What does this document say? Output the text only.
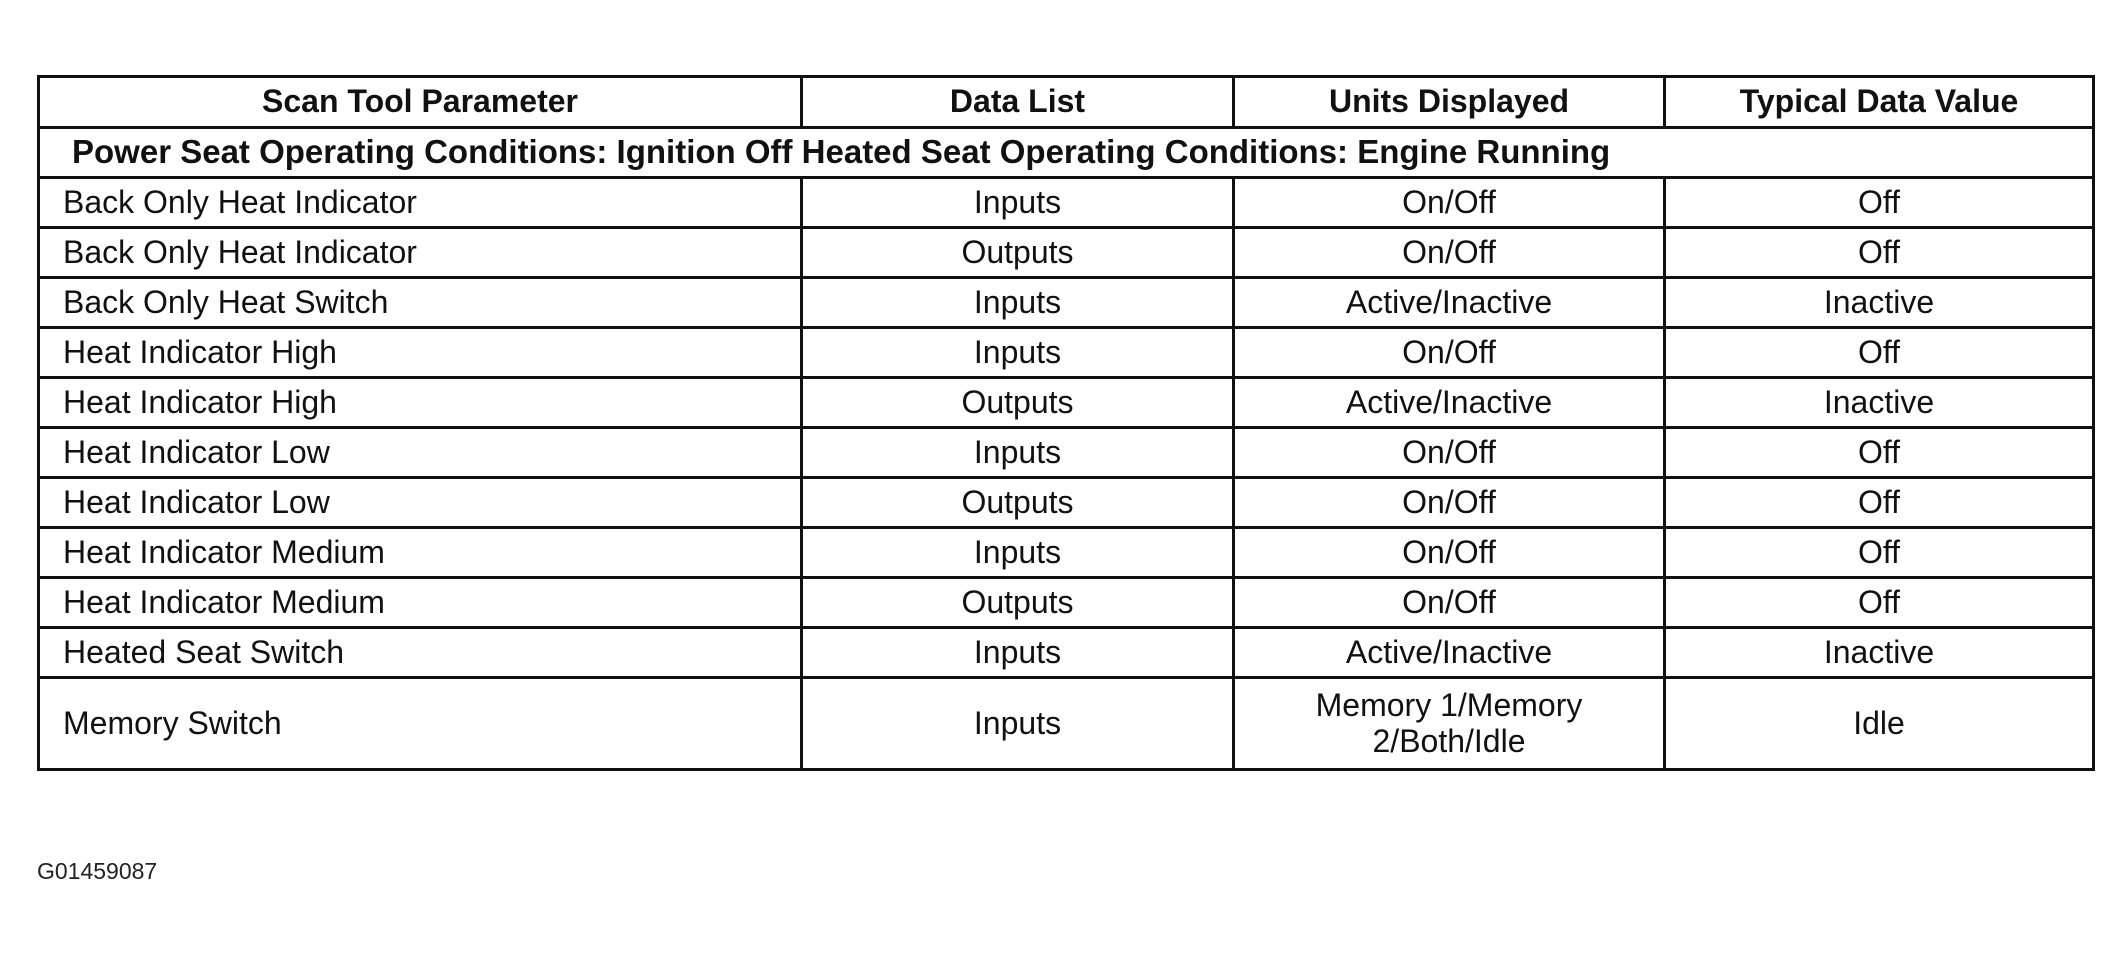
Scan Tool Parameter	Data List	Units Displayed	Typical Data Value
Power Seat Operating Conditions: Ignition Off Heated Seat Operating Conditions: Engine Running			
Back Only Heat Indicator	Inputs	On/Off	Off
Back Only Heat Indicator	Outputs	On/Off	Off
Back Only Heat Switch	Inputs	Active/Inactive	Inactive
Heat Indicator High	Inputs	On/Off	Off
Heat Indicator High	Outputs	Active/Inactive	Inactive
Heat Indicator Low	Inputs	On/Off	Off
Heat Indicator Low	Outputs	On/Off	Off
Heat Indicator Medium	Inputs	On/Off	Off
Heat Indicator Medium	Outputs	On/Off	Off
Heated Seat Switch	Inputs	Active/Inactive	Inactive
Memory Switch	Inputs	Memory 1/Memory 2/Both/Idle	Idle
G01459087
